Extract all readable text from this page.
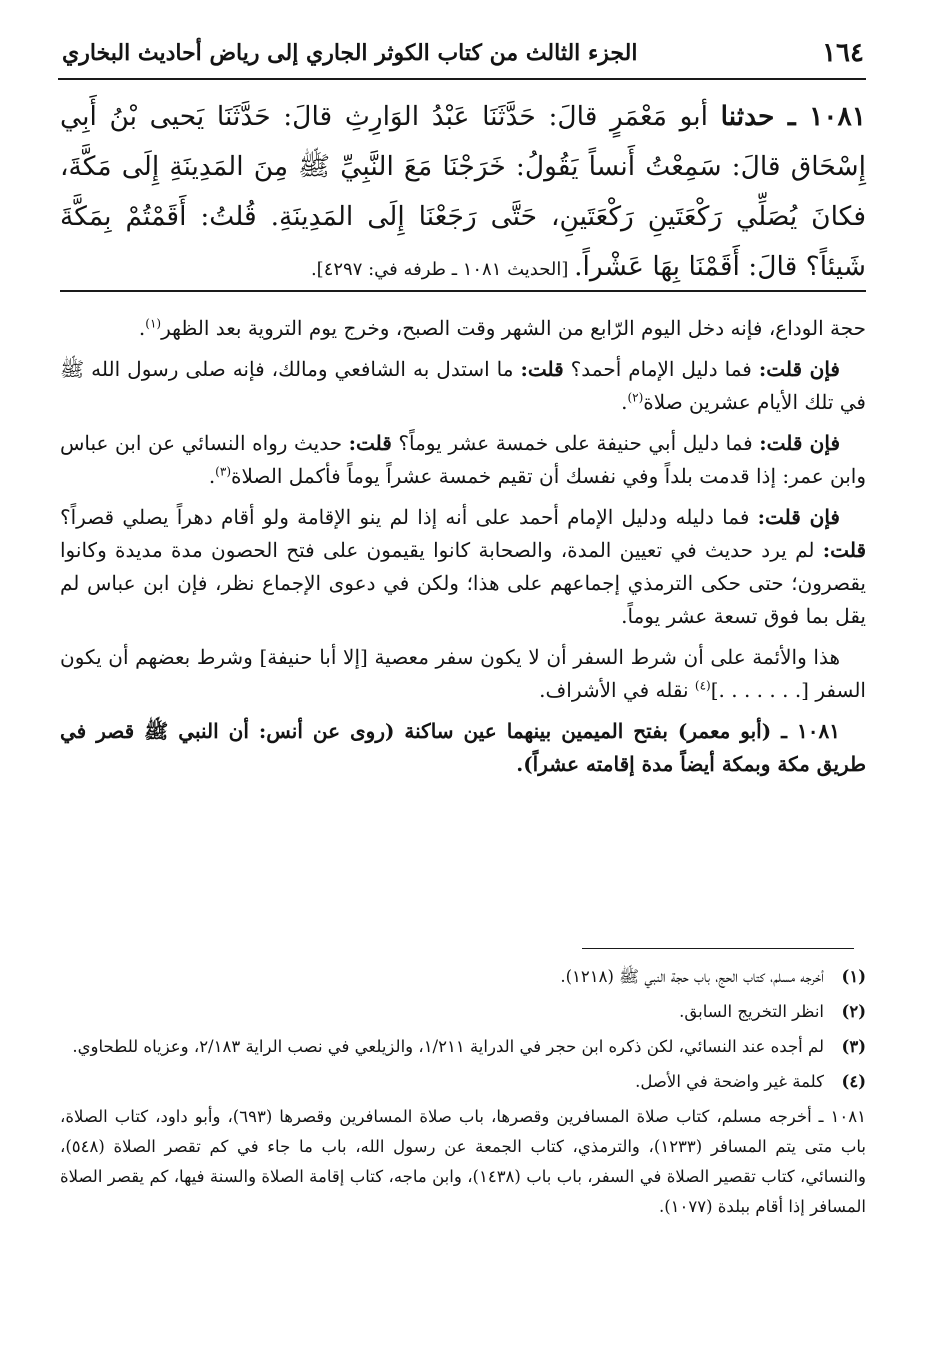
١٦٤
الجزء الثالث من كتاب الكوثر الجاري إلى رياض أحاديث البخاري
١٠٨١ ـ حدثنا أبو مَعْمَرٍ قالَ: حَدَّثَنَا عَبْدُ الوَارِثِ قالَ: حَدَّثَنَا يَحيى بْنُ أَبِي إِسْحَاق قالَ: سَمِعْتُ أَنساً يَقُولُ: خَرَجْنَا مَعَ النَّبِيِّ ﷺ مِنَ المَدِينَةِ إِلَى مَكَّةَ، فكانَ يُصَلِّي رَكْعَتَينِ رَكْعَتَينِ، حَتَّى رَجَعْنَا إِلَى المَدِينَةِ. قُلتُ: أَقَمْتُمْ بِمَكَّةَ شَيئاً؟ قالَ: أَقَمْنَا بِهَا عَشْراً. [الحديث ١٠٨١ ـ طرفه في: ٤٢٩٧].

حجة الوداع، فإنه دخل اليوم الرّابع من الشهر وقت الصبح، وخرج يوم التروية بعد الظهر$^{(١)}$.

فإن قلت: فما دليل الإمام أحمد؟ قلت: ما استدل به الشافعي ومالك، فإنه صلى رسول الله ﷺ في تلك الأيام عشرين صلاة$^{(٢)}$.

فإن قلت: فما دليل أبي حنيفة على خمسة عشر يوماً؟ قلت: حديث رواه النسائي عن ابن عباس وابن عمر: إذا قدمت بلداً وفي نفسك أن تقيم خمسة عشراً يوماً فأكمل الصلاة$^{(٣)}$.

فإن قلت: فما دليله ودليل الإمام أحمد على أنه إذا لم ينو الإقامة ولو أقام دهراً يصلي قصراً؟ قلت: لم يرد حديث في تعيين المدة، والصحابة كانوا يقيمون على فتح الحصون مدة مديدة وكانوا يقصرون؛ حتى حكى الترمذي إجماعهم على هذا؛ ولكن في دعوى الإجماع نظر، فإن ابن عباس لم يقل بما فوق تسعة عشر يوماً.

هذا والأئمة على أن شرط السفر أن لا يكون سفر معصية [إلا أبا حنيفة] وشرط بعضهم أن يكون السفر [. . . . . . .]$^{(٤)}$ نقله في الأشراف.

١٠٨١ ـ (أبو معمر) بفتح الميمين بينهما عين ساكنة (روى عن أنس: أن النبي ﷺ قصر في طريق مكة وبمكة أيضاً مدة إقامته عشراً).

(١)
أخرجه مسلم، كتاب الحج، باب حجة النبي ﷺ (١٢١٨).
(٢)
انظر التخريج السابق.
(٣)
لم أجده عند النسائي، لكن ذكره ابن حجر في الدراية ١/٢١١، والزيلعي في نصب الراية ٢/١٨٣، وعزياه للطحاوي.
(٤)
كلمة غير واضحة في الأصل.
١٠٨١ ـ أخرجه مسلم، كتاب صلاة المسافرين وقصرها، باب صلاة المسافرين وقصرها (٦٩٣)، وأبو داود، كتاب الصلاة، باب متى يتم المسافر (١٢٣٣)، والترمذي، كتاب الجمعة عن رسول الله، باب ما جاء في كم تقصر الصلاة (٥٤٨)، والنسائي، كتاب تقصير الصلاة في السفر، باب باب (١٤٣٨)، وابن ماجه، كتاب إقامة الصلاة والسنة فيها، كم يقصر الصلاة المسافر إذا أقام ببلدة (١٠٧٧).
